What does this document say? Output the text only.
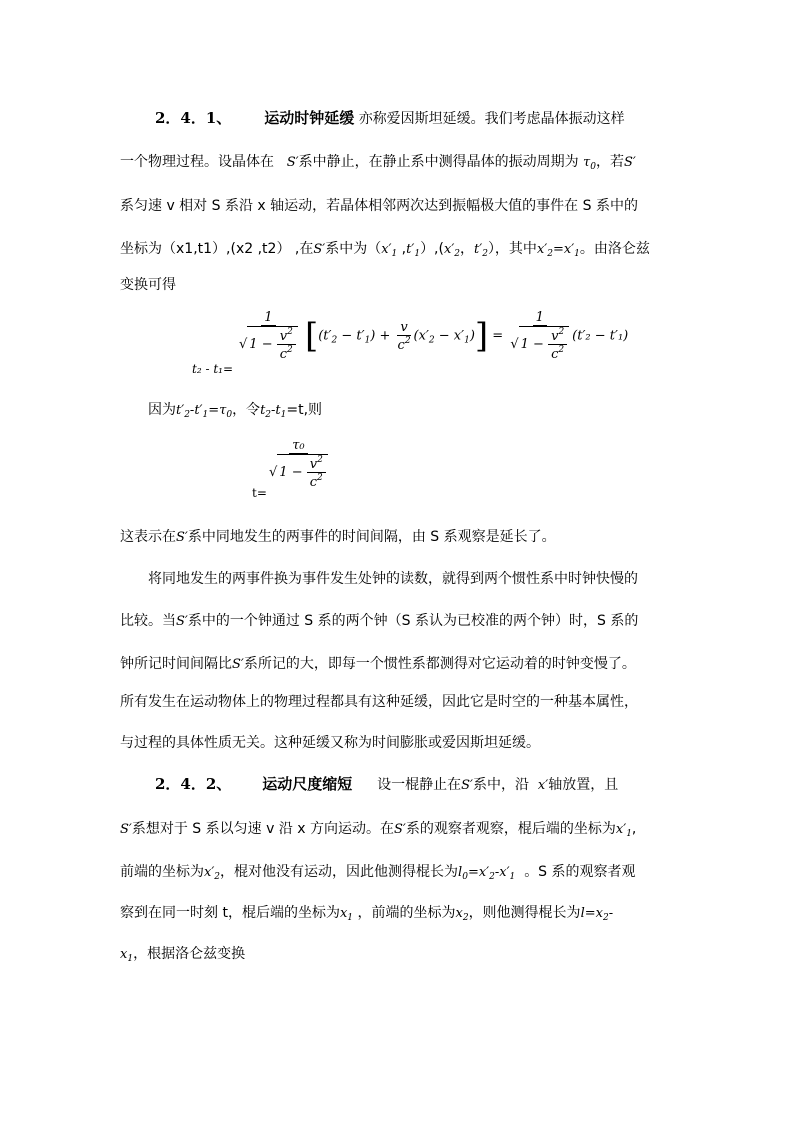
2．4．1、 运动时钟延缓 亦称爱因斯坦延缓。我们考虑晶体振动这样
一个物理过程。设晶体在   S′系中静止，在静止系中测得晶体的振动周期为 $\tau_0$，若S′
系匀速 v 相对 S 系沿 x 轴运动，若晶体相邻两次达到振幅极大值的事件在 S 系中的
坐标为（x1,t1）,(x2 ,t2） ,在S′系中为（$x'_1$ $,t'_1),(x'_2$，$t'_2$），其中$x'_2=x'_1$。由洛仑兹
变换可得
$\frac{1}{√ 1 - \frac{v^2}{c^2}} [(t'_2 - t'_1) + \frac{v}{c^2} (x'_2 - x'_1)] = \frac{1}{√ 1 - \frac{v^2}{c^2}} (t'_2 - t'_1)$
t₂ - t₁=
因为$t'_2-t'_1=\tau_0$，令$t_2-t_1=t$,则
$\frac{\text{τ₀}}{√ 1 - \frac{v^2}{c^2}}$
t=
这表示在S′系中同地发生的两事件的时间间隔，由 S 系观察是延长了。
将同地发生的两事件换为事件发生处钟的读数，就得到两个惯性系中时钟快慢的
比较。当S′系中的一个钟通过 S 系的两个钟（S 系认为已校准的两个钟）时，S 系的
钟所记时间间隔比S′系所记的大，即每一个惯性系都测得对它运动着的时钟变慢了。
所有发生在运动物体上的物理过程都具有这种延缓，因此它是时空的一种基本属性，
与过程的具体性质无关。这种延缓又称为时间膨胀或爱因斯坦延缓。
2．4．2、 运动尺度缩短 设一棍静止在S′系中，沿 x′轴放置，且
S′系想对于 S 系以匀速 v 沿 x 方向运动。在S′系的观察者观察，棍后端的坐标为$x'_1$,
前端的坐标为$x'_2$，棍对他没有运动，因此他测得棍长为$l_0=x'_2-x'_1$ 。S 系的观察者观
察到在同一时刻 t，棍后端的坐标为$x_1$ ，前端的坐标为$x_2$，则他测得棍长为$l=x_2-$
$x_1$，根据洛仑兹变换
